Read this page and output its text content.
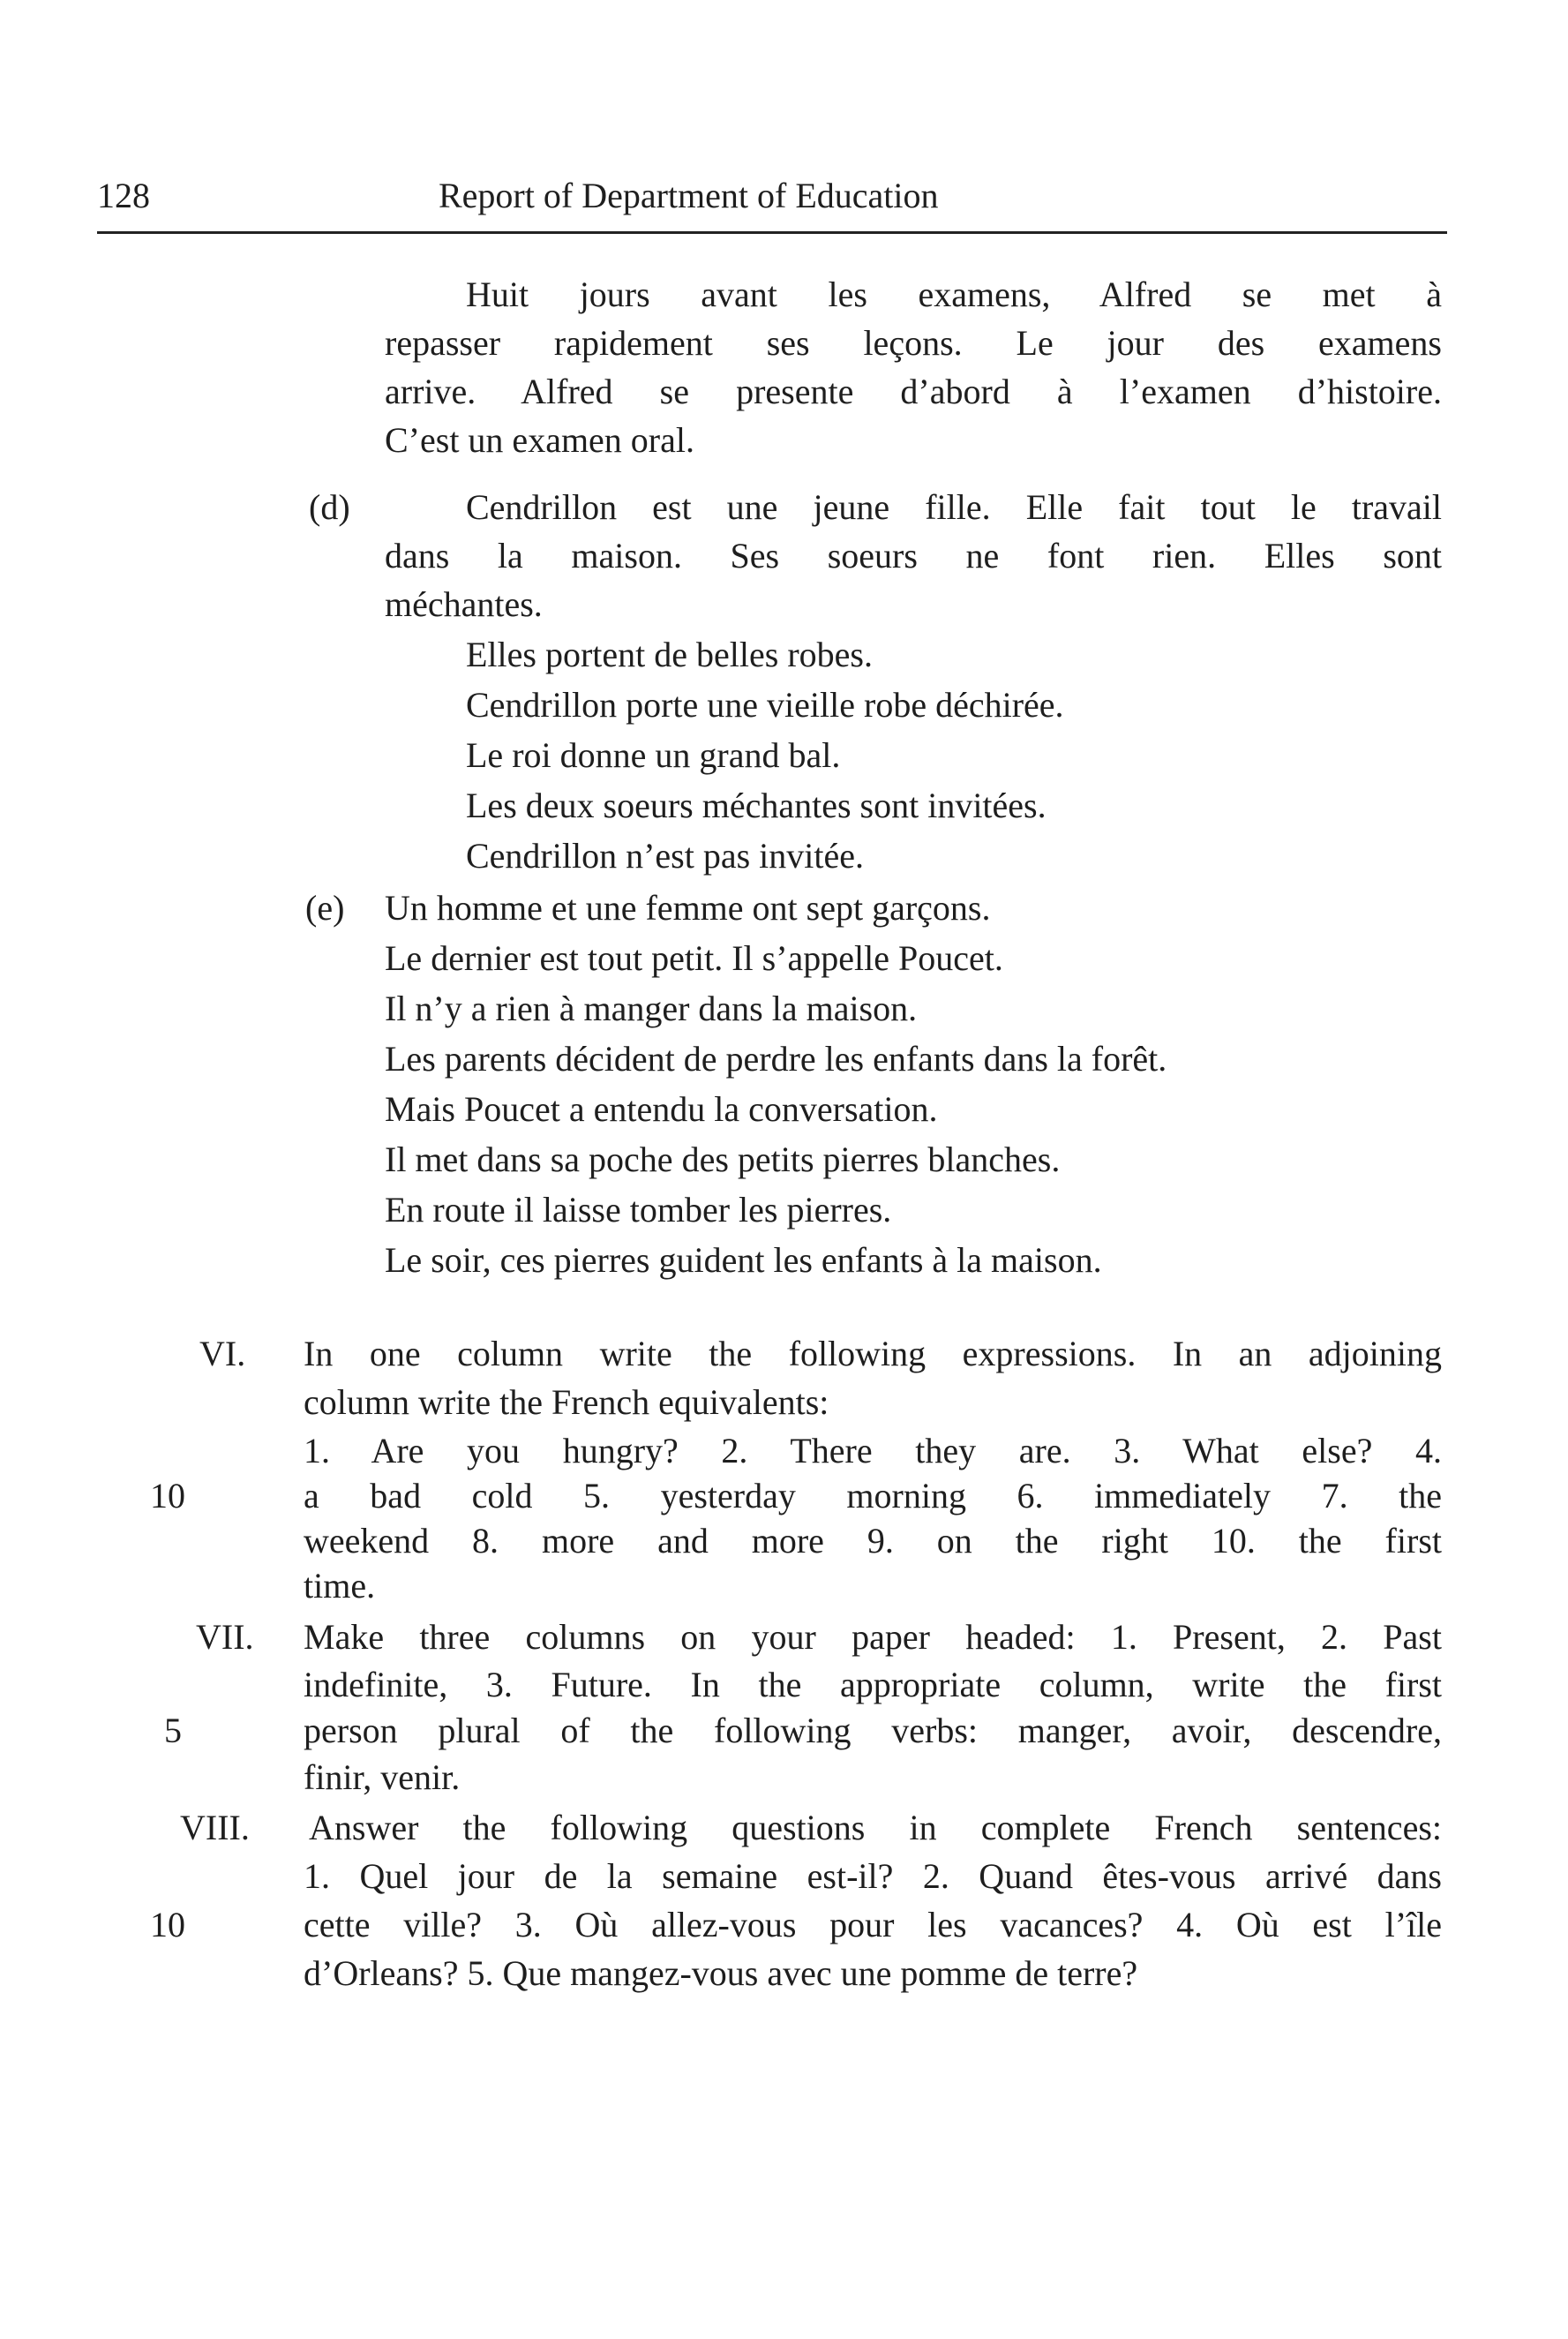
128	Report of Department of Education
Huit jours avant les examens, Alfred se met à
repasser rapidement ses leçons. Le jour des examens
arrive. Alfred se presente d’abord à l’examen d’histoire.
C’est un examen oral.
(d)	Cendrillon est une jeune fille. Elle fait tout le travail
dans la maison. Ses soeurs ne font rien. Elles sont
méchantes.
Elles portent de belles robes.
Cendrillon porte une vieille robe déchirée.
Le roi donne un grand bal.
Les deux soeurs méchantes sont invitées.
Cendrillon n’est pas invitée.
(e) Un homme et une femme ont sept garçons.
Le dernier est tout petit. Il s’appelle Poucet.
Il n’y a rien à manger dans la maison.
Les parents décident de perdre les enfants dans la forêt.
Mais Poucet a entendu la conversation.
Il met dans sa poche des petits pierres blanches.
En route il laisse tomber les pierres.
Le soir, ces pierres guident les enfants à la maison.
VI. In one column write the following expressions. In an adjoining
column write the French equivalents:
1. Are you hungry? 2. There they are. 3. What else? 4.
10	a bad cold 5. yesterday morning 6. immediately 7. the
weekend 8. more and more 9. on the right 10. the first
time.
VII. Make three columns on your paper headed: 1. Present, 2. Past
indefinite, 3. Future. In the appropriate column, write the first
5	person plural of the following verbs: manger, avoir, descendre,
finir, venir.
VIII. Answer the following questions in complete French sentences:
1. Quel jour de la semaine est-il? 2. Quand êtes-vous arrivé dans
10	cette ville? 3. Où allez-vous pour les vacances? 4. Où est l’île
d’Orleans? 5. Que mangez-vous avec une pomme de terre?
